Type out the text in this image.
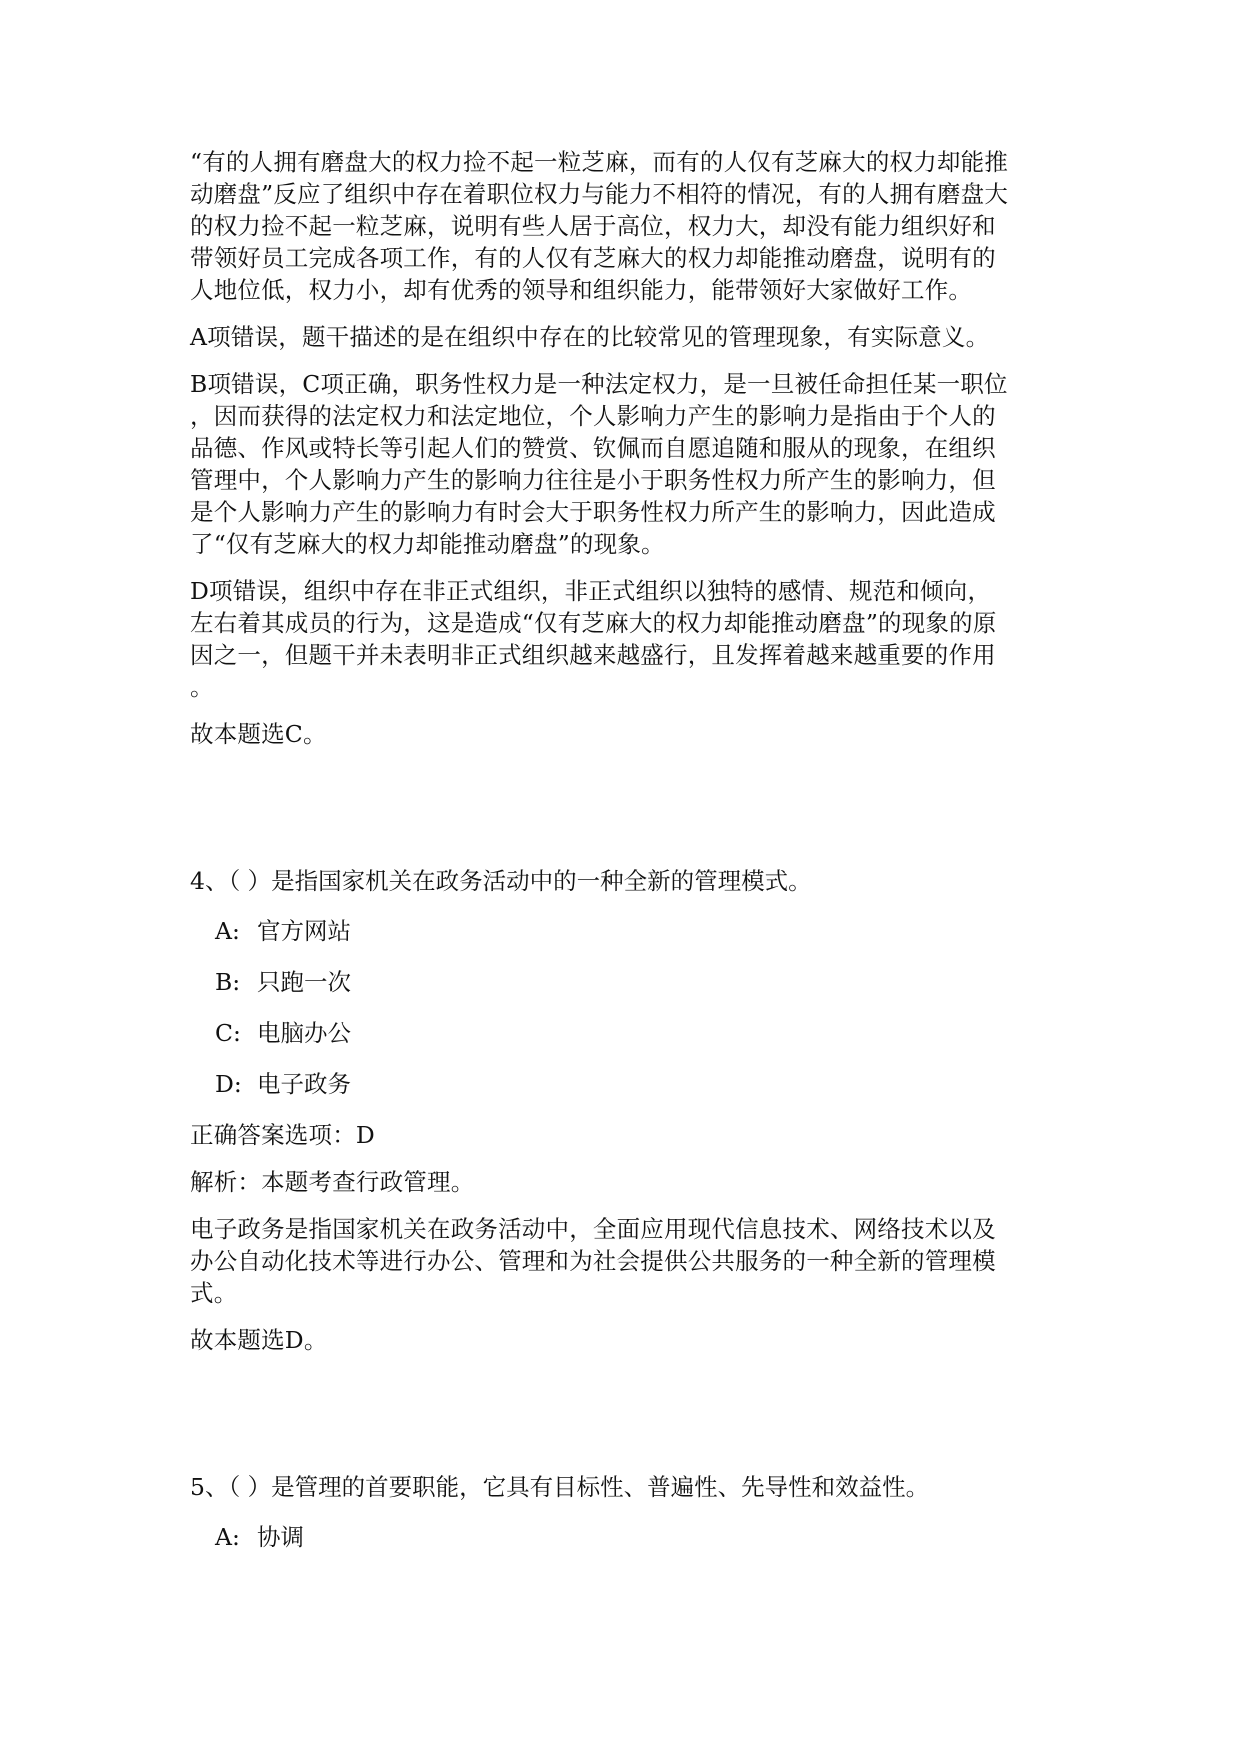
“有的人拥有磨盘大的权力捡不起一粒芝麻，而有的人仅有芝麻大的权力却能推
动磨盘”反应了组织中存在着职位权力与能力不相符的情况，有的人拥有磨盘大
的权力捡不起一粒芝麻，说明有些人居于高位，权力大，却没有能力组织好和
带领好员工完成各项工作，有的人仅有芝麻大的权力却能推动磨盘，说明有的
人地位低，权力小，却有优秀的领导和组织能力，能带领好大家做好工作。

A项错误，题干描述的是在组织中存在的比较常见的管理现象，有实际意义。

B项错误，C项正确，职务性权力是一种法定权力，是一旦被任命担任某一职位
，因而获得的法定权力和法定地位，个人影响力产生的影响力是指由于个人的
品德、作风或特长等引起人们的赞赏、钦佩而自愿追随和服从的现象，在组织
管理中，个人影响力产生的影响力往往是小于职务性权力所产生的影响力，但
是个人影响力产生的影响力有时会大于职务性权力所产生的影响力，因此造成
了“仅有芝麻大的权力却能推动磨盘”的现象。

D项错误，组织中存在非正式组织，非正式组织以独特的感情、规范和倾向，
左右着其成员的行为，这是造成“仅有芝麻大的权力却能推动磨盘”的现象的原
因之一，但题干并未表明非正式组织越来越盛行，且发挥着越来越重要的作用
。

故本题选C。

4、（ ）是指国家机关在政务活动中的一种全新的管理模式。

A: 官方网站

B: 只跑一次

C: 电脑办公

D: 电子政务

正确答案选项：D

解析：本题考查行政管理。

电子政务是指国家机关在政务活动中，全面应用现代信息技术、网络技术以及
办公自动化技术等进行办公、管理和为社会提供公共服务的一种全新的管理模
式。

故本题选D。

5、（ ）是管理的首要职能，它具有目标性、普遍性、先导性和效益性。

A: 协调
